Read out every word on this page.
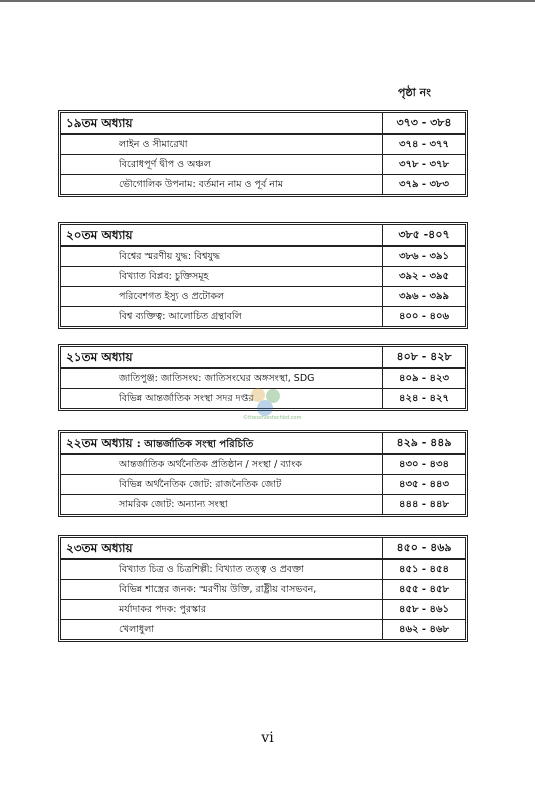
পৃষ্ঠা নং
১৯তম অধ্যায়	৩৭৩ - ৩৮৪
লাইন ও সীমারেখা	৩৭৪ - ৩৭৭
বিরোধপূর্ণ দ্বীপ ও অঞ্চল	৩৭৮ - ৩৭৮
ভৌগোলিক উপনাম: বর্তমান নাম ও পূর্ব নাম	৩৭৯ - ৩৮৩
২০তম অধ্যায়	৩৮৫ -৪০৭
বিশ্বের স্মরণীয় যুদ্ধ: বিশ্বযুদ্ধ	৩৮৬ - ৩৯১
বিখ্যাত বিপ্লব: চুক্তিসমূহ	৩৯২ - ৩৯৫
পরিবেশগত ইস্যু ও প্রটোকল	৩৯৬ - ৩৯৯
বিশ্ব ব্যক্তিত্ব: আলোচিত গ্রন্থাবলি	৪০০ - ৪০৬
২১তম অধ্যায়	৪০৮ - ৪২৮
জাতিপুঞ্জ: জাতিসংঘ: জাতিসংঘের অঙ্গসংস্থা, SDG	৪০৯ - ৪২৩
বিভিন্ন আন্তর্জাতিক সংস্থা সদর দপ্তর	৪২৪ - ৪২৭
২২তম অধ্যায় : আন্তর্জাতিক সংস্থা পরিচিতি	৪২৯ - ৪৪৯
আন্তর্জাতিক অর্থনৈতিক প্রতিষ্ঠান / সংস্থা / ব্যাংক	৪৩০ - ৪৩৪
বিভিন্ন অর্থনৈতিক জোট: রাজনৈতিক জোট	৪৩৫ - ৪৪৩
সামরিক জোট: অন্যান্য সংস্থা	৪৪৪ - ৪৪৮
২৩তম অধ্যায়	৪৫০ - ৪৬৯
বিখ্যাত চিত্র ও চিত্রশিল্পী: বিখ্যাত তত্ত্ব ও প্রবক্তা	৪৫১ - ৪৫৪
বিভিন্ন শাস্ত্রের জনক: স্মরণীয় উক্তি, রাষ্ট্রীয় বাসভবন,	৪৫৫ - ৪৫৮
মর্যাদাকর পদক: পুরস্কার	৪৫৮ - ৪৬১
খেলাধুলা	৪৬২ - ৪৬৮
©thesolvestechbd.com
vi
